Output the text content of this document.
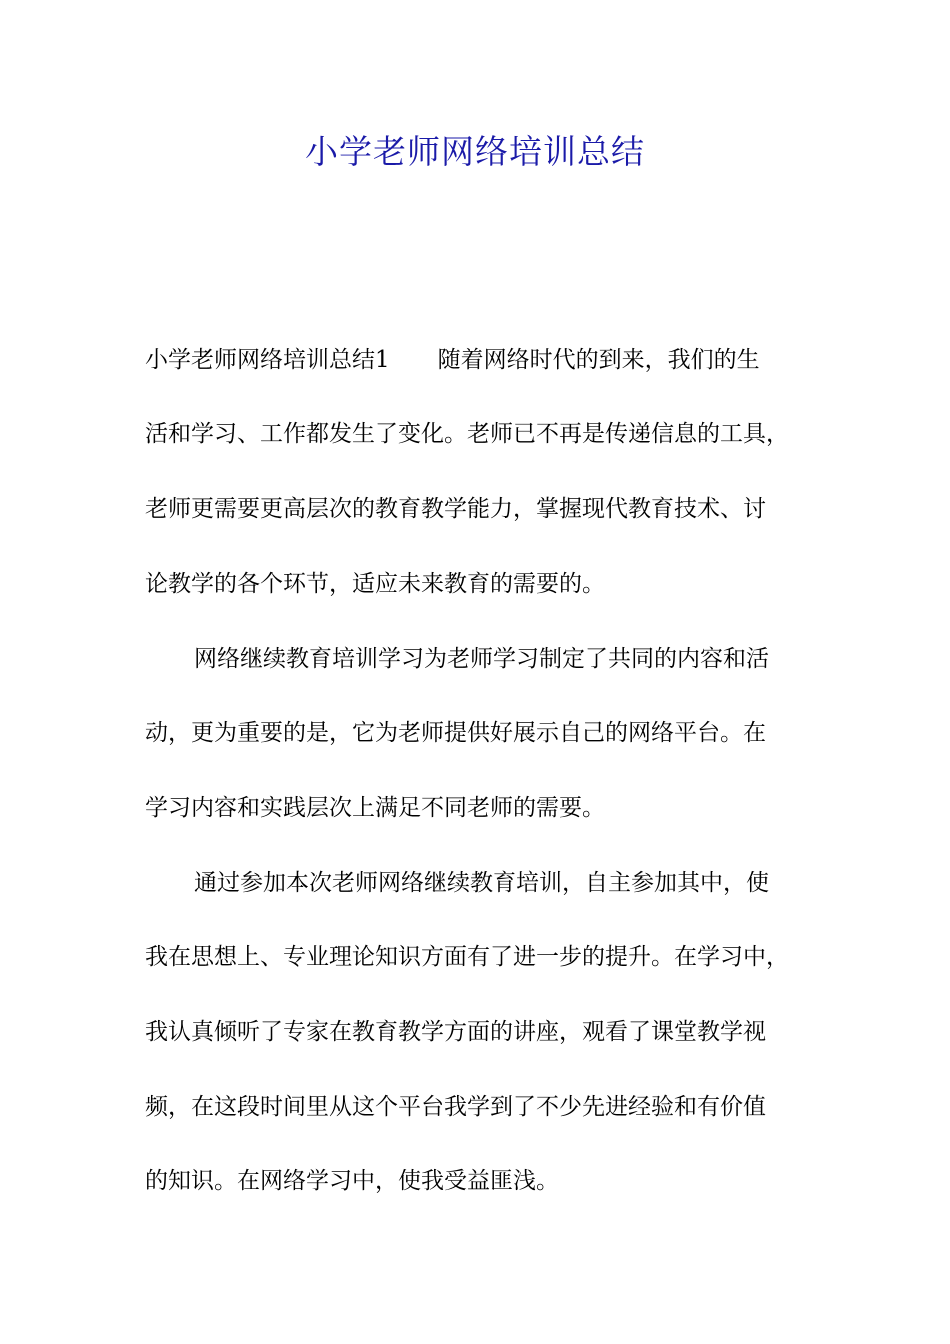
小学老师网络培训总结
小学老师网络培训总结1 随着网络时代的到来，我们的生
活和学习、工作都发生了变化。老师已不再是传递信息的工具，
老师更需要更高层次的教育教学能力，掌握现代教育技术、讨
论教学的各个环节，适应未来教育的需要的。
网络继续教育培训学习为老师学习制定了共同的内容和活
动，更为重要的是，它为老师提供好展示自己的网络平台。在
学习内容和实践层次上满足不同老师的需要。
通过参加本次老师网络继续教育培训，自主参加其中，使
我在思想上、专业理论知识方面有了进一步的提升。在学习中，
我认真倾听了专家在教育教学方面的讲座，观看了课堂教学视
频，在这段时间里从这个平台我学到了不少先进经验和有价值
的知识。在网络学习中，使我受益匪浅。
